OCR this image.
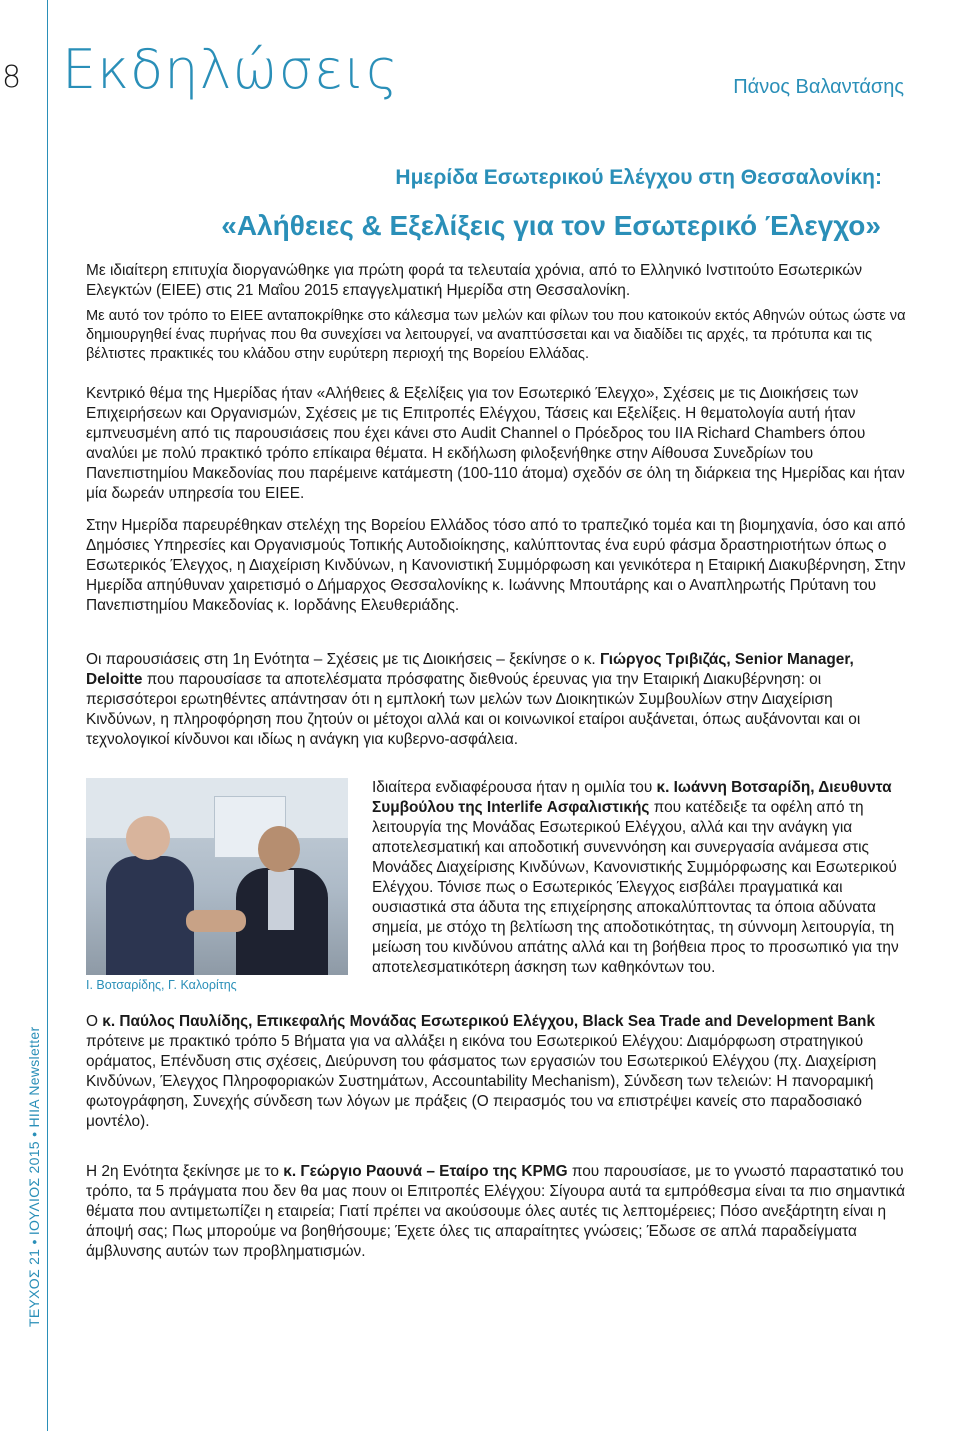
8
ΤΕΥΧΟΣ 21 • ΙΟΥΛΙΟΣ 2015 • HIIA Newsletter
Εκδηλώσεις	Πάνος Βαλαντάσης
Ημερίδα Εσωτερικού Ελέγχου στη Θεσσαλονίκη:
«Αλήθειες & Εξελίξεις για τον Εσωτερικό Έλεγχο»

Με ιδιαίτερη επιτυχία διοργανώθηκε για πρώτη φορά τα τελευταία χρόνια, από το Ελληνικό Ινστιτούτο Εσωτερικών Ελεγκτών (ΕΙΕΕ) στις 21 Μαΐου 2015 επαγγελματική Ημερίδα στη Θεσσαλονίκη.

Με αυτό τον τρόπο το ΕΙΕΕ ανταποκρίθηκε στο κάλεσμα των μελών και φίλων του που κατοικούν εκτός Αθηνών ούτως ώστε να δημιουργηθεί ένας πυρήνας που θα συνεχίσει να λειτουργεί, να αναπτύσσεται και να διαδίδει τις αρχές, τα πρότυπα και τις βέλτιστες πρακτικές του κλάδου στην ευρύτερη περιοχή της Βορείου Ελλάδας.

Κεντρικό θέμα της Ημερίδας ήταν «Αλήθειες & Εξελίξεις για τον Εσωτερικό Έλεγχο», Σχέσεις με τις Διοικήσεις των Επιχειρήσεων και Οργανισμών, Σχέσεις με τις Επιτροπές Ελέγχου, Τάσεις και Εξελίξεις. Η θεματολογία αυτή ήταν εμπνευσμένη από τις παρουσιάσεις που έχει κάνει στο Audit Channel ο Πρόεδρος του IIA Richard Chambers όπου αναλύει με πολύ πρακτικό τρόπο επίκαιρα θέματα. Η εκδήλωση φιλοξενήθηκε στην Αίθουσα Συνεδρίων του Πανεπιστημίου Μακεδονίας που παρέμεινε κατάμεστη (100-110 άτομα) σχεδόν σε όλη τη διάρκεια της Ημερίδας και ήταν μία δωρεάν υπηρεσία του ΕΙΕΕ.

Στην Ημερίδα παρευρέθηκαν στελέχη της Βορείου Ελλάδος τόσο από το τραπεζικό τομέα και τη βιομηχανία, όσο και από Δημόσιες Υπηρεσίες και Οργανισμούς Τοπικής Αυτοδιοίκησης, καλύπτοντας ένα ευρύ φάσμα δραστηριοτήτων όπως ο Εσωτερικός Έλεγχος, η Διαχείριση Κινδύνων, η Κανονιστική Συμμόρφωση και γενικότερα η Εταιρική Διακυβέρνηση, Στην Ημερίδα απηύθυναν χαιρετισμό ο Δήμαρχος Θεσσαλονίκης κ. Ιωάννης Μπουτάρης και ο Αναπληρωτής Πρύτανη του Πανεπιστημίου Μακεδονίας κ. Ιορδάνης Ελευθεριάδης.

Οι παρουσιάσεις στη 1η Ενότητα – Σχέσεις με τις Διοικήσεις – ξεκίνησε ο κ. Γιώργος Τριβιζάς, Senior Manager, Deloitte που παρουσίασε τα αποτελέσματα πρόσφατης διεθνούς έρευνας για την Εταιρική Διακυβέρνηση: οι περισσότεροι ερωτηθέντες απάντησαν ότι η εμπλοκή των μελών των Διοικητικών Συμβουλίων στην Διαχείριση Κινδύνων, η πληροφόρηση που ζητούν οι μέτοχοι αλλά και οι κοινωνικοί εταίροι αυξάνεται, όπως αυξάνονται και οι τεχνολογικοί κίνδυνοι και ιδίως η ανάγκη για κυβερνο-ασφάλεια.

Ι. Βοτσαρίδης, Γ. Καλορίτης

Ιδιαίτερα ενδιαφέρουσα ήταν η ομιλία του κ. Ιωάννη Βοτσαρίδη, Διευθυντα Συμβούλου της Interlife Ασφαλιστικής που κατέδειξε τα οφέλη από τη λειτουργία της Μονάδας Εσωτερικού Ελέγχου, αλλά και την ανάγκη για αποτελεσματική και αποδοτική συνεννόηση και συνεργασία ανάμεσα στις Μονάδες Διαχείρισης Κινδύνων, Κανονιστικής Συμμόρφωσης και Εσωτερικού Ελέγχου. Τόνισε πως ο Εσωτερικός Έλεγχος εισβάλει πραγματικά και ουσιαστικά στα άδυτα της επιχείρησης αποκαλύπτοντας τα όποια αδύνατα σημεία, με στόχο τη βελτίωση της αποδοτικότητας, τη σύννομη λειτουργία, τη μείωση του κινδύνου απάτης αλλά και τη βοήθεια προς το προσωπικό για την αποτελεσματικότερη άσκηση των καθηκόντων του.

Ο κ. Παύλος Παυλίδης, Επικεφαλής Μονάδας Εσωτερικού Ελέγχου, Black Sea Trade and Development Bank πρότεινε με πρακτικό τρόπο 5 Βήματα για να αλλάξει η εικόνα του Εσωτερικού Ελέγχου: Διαμόρφωση στρατηγικού οράματος, Επένδυση στις σχέσεις, Διεύρυνση του φάσματος των εργασιών του Εσωτερικού Ελέγχου (πχ. Διαχείριση Κινδύνων, Έλεγχος Πληροφοριακών Συστημάτων, Accountability Mechanism), Σύνδεση των τελειών: Η πανοραμική φωτογράφηση, Συνεχής σύνδεση των λόγων με πράξεις (Ο πειρασμός του να επιστρέψει κανείς στο παραδοσιακό μοντέλο).

Η 2η Ενότητα ξεκίνησε με το κ. Γεώργιο Ραουνά – Εταίρο της KPMG που παρουσίασε, με το γνωστό παραστατικό του τρόπο, τα 5 πράγματα που δεν θα μας πουν οι Επιτροπές Ελέγχου: Σίγουρα αυτά τα εμπρόθεσμα είναι τα πιο σημαντικά θέματα που αντιμετωπίζει η εταιρεία; Γιατί πρέπει να ακούσουμε όλες αυτές τις λεπτομέρειες; Πόσο ανεξάρτητη είναι η άποψή σας; Πως μπορούμε να βοηθήσουμε; Έχετε όλες τις απαραίτητες γνώσεις; Έδωσε σε απλά παραδείγματα άμβλυνσης αυτών των προβληματισμών.
